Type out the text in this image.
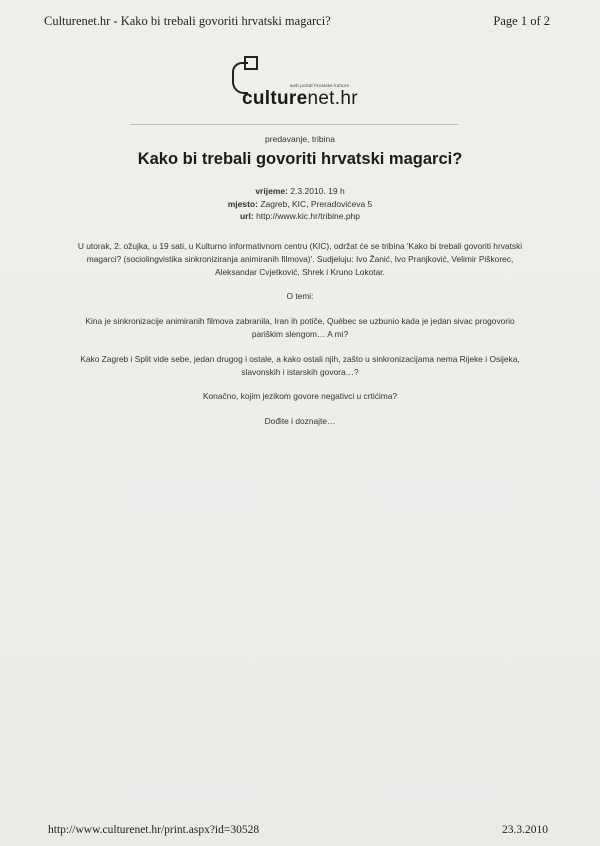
Culturenet.hr - Kako bi trebali govoriti hrvatski magarci?	Page 1 of 2
web portal hrvatske kulture
culturenet.hr
predavanje, tribina
Kako bi trebali govoriti hrvatski magarci?
vrijeme: 2.3.2010. 19 h
mjesto: Zagreb, KIC, Preradovićeva 5
url: http://www.kic.hr/tribine.php

U utorak, 2. ožujka, u 19 sati, u Kulturno informativnom centru (KIC), održat će se tribina 'Kako bi trebali govoriti hrvatski magarci? (sociolingvistika sinkroniziranja animiranih filmova)'. Sudjeluju: Ivo Žanić, Ivo Pranjković, Velimir Piškorec, Aleksandar Cvjetković, Shrek i Kruno Lokotar.

O temi:

Kina je sinkronizacije animiranih filmova zabranila, Iran ih potiče, Québec se uzbunio kada je jedan sivac progovorio pariškim slengom… A mi?

Kako Zagreb i Split vide sebe, jedan drugog i ostale, a kako ostali njih, zašto u sinkronizacijama nema Rijeke i Osijeka, slavonskih i istarskih govora…?

Konačno, kojim jezikom govore negativci u crtićima?

Dođite i doznajte…

http://www.culturenet.hr/print.aspx?id=30528	23.3.2010
